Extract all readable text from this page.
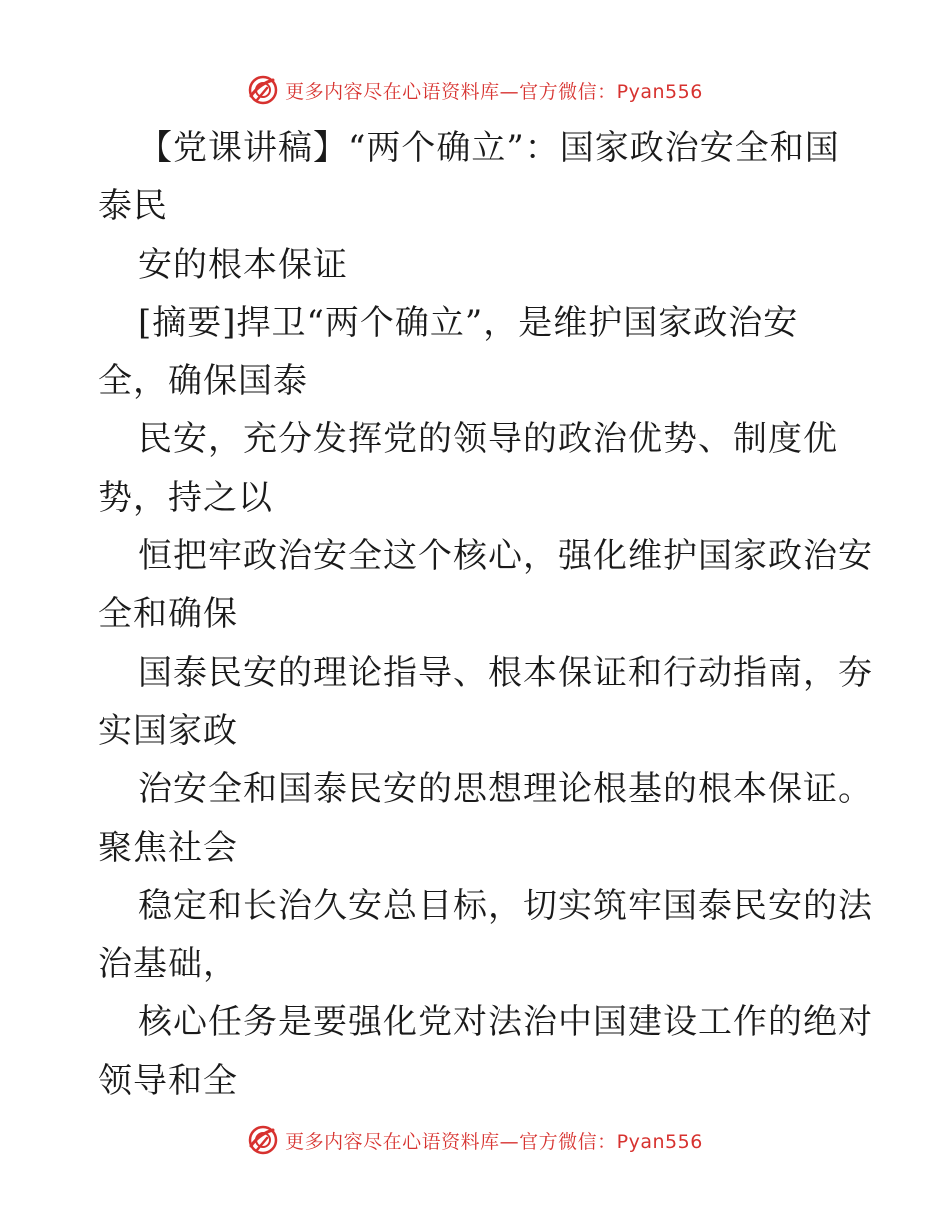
更多内容尽在心语资料库—官方微信：Pyan556
【党课讲稿】“两个确立”：国家政治安全和国
泰民
安的根本保证
[摘要]捍卫“两个确立”，是维护国家政治安
全，确保国泰
民安，充分发挥党的领导的政治优势、制度优
势，持之以
恒把牢政治安全这个核心，强化维护国家政治安
全和确保
国泰民安的理论指导、根本保证和行动指南，夯
实国家政
治安全和国泰民安的思想理论根基的根本保证。
聚焦社会
稳定和长治久安总目标，切实筑牢国泰民安的法
治基础，
核心任务是要强化党对法治中国建设工作的绝对
领导和全
更多内容尽在心语资料库—官方微信：Pyan556
